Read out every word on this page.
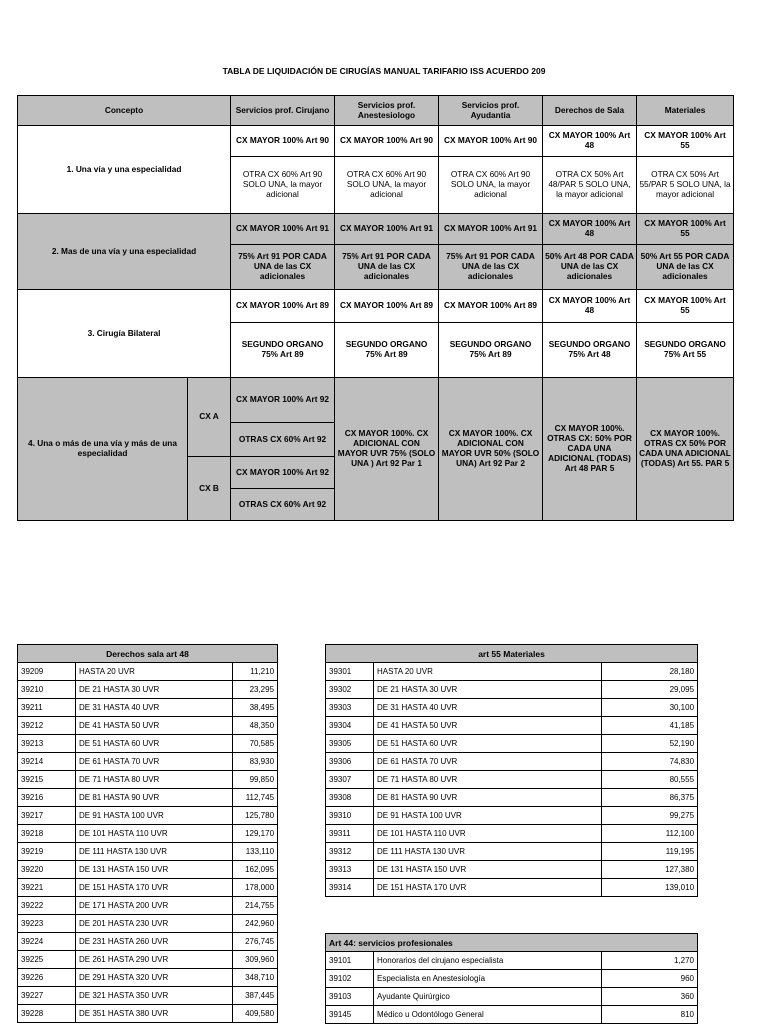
TABLA DE LIQUIDACIÓN DE CIRUGÍAS MANUAL TARIFARIO ISS ACUERDO 209
Concepto		Servicios prof. Cirujano	Servicios prof. Anestesiologo	Servicios prof. Ayudantia	Derechos de Sala	Materiales
1. Una vía y una especialidad		CX MAYOR 100% Art 90	CX MAYOR 100% Art 90	CX MAYOR 100% Art 90	CX MAYOR 100% Art 48	CX MAYOR 100% Art 55
		OTRA CX 60% Art 90 SOLO UNA, la mayor adicional	OTRA CX 60% Art 90 SOLO UNA, la mayor adicional	OTRA CX 60% Art 90 SOLO UNA, la mayor adicional	OTRA CX 50% Art 48/PAR 5 SOLO UNA, la mayor adicional	OTRA CX 50% Art 55/PAR 5 SOLO UNA, la mayor adicional
2. Mas de una vía y una especialidad		CX MAYOR 100% Art 91	CX MAYOR 100% Art 91	CX MAYOR 100% Art 91	CX MAYOR 100% Art 48	CX MAYOR 100% Art 55
		75% Art 91 POR CADA UNA de las CX adicionales	75% Art 91 POR CADA UNA de las CX adicionales	75% Art 91 POR CADA UNA de las CX adicionales	50% Art 48 POR CADA UNA de las CX adicionales	50% Art 55 POR CADA UNA de las CX adicionales
3. Cirugía Bilateral		CX MAYOR 100% Art 89	CX MAYOR 100% Art 89	CX MAYOR 100% Art 89	CX MAYOR 100% Art 48	CX MAYOR 100% Art 55
		SEGUNDO ORGANO 75% Art 89	SEGUNDO ORGANO 75% Art 89	SEGUNDO ORGANO 75% Art 89	SEGUNDO ORGANO 75% Art 48	SEGUNDO ORGANO 75% Art 55
4. Una o más de una vía y más de una especialidad	CX A	CX MAYOR 100% Art 92	CX MAYOR 100%. CX ADICIONAL CON MAYOR UVR 75% (SOLO UNA ) Art 92 Par 1	CX MAYOR 100%. CX ADICIONAL CON MAYOR UVR 50% (SOLO UNA) Art 92 Par 2	CX MAYOR 100%. OTRAS CX: 50% POR CADA UNA ADICIONAL (TODAS) Art 48 PAR 5	CX MAYOR 100%. OTRAS CX 50% POR CADA UNA ADICIONAL (TODAS) Art 55. PAR 5
		OTRAS CX 60% Art 92				
	CX B	CX MAYOR 100% Art 92				
		OTRAS CX 60% Art 92				
Derechos sala art 48		
39209	HASTA 20 UVR	11,210
39210	DE 21 HASTA 30 UVR	23,295
39211	DE 31 HASTA 40 UVR	38,495
39212	DE 41 HASTA 50 UVR	48,350
39213	DE 51 HASTA 60 UVR	70,585
39214	DE 61 HASTA 70 UVR	83,930
39215	DE 71 HASTA 80 UVR	99,850
39216	DE 81 HASTA 90 UVR	112,745
39217	DE 91 HASTA 100 UVR	125,780
39218	DE 101 HASTA 110 UVR	129,170
39219	DE 111 HASTA 130 UVR	133,110
39220	DE 131 HASTA 150 UVR	162,095
39221	DE 151 HASTA 170 UVR	178,000
39222	DE 171 HASTA 200 UVR	214,755
39223	DE 201 HASTA 230 UVR	242,960
39224	DE 231 HASTA 260 UVR	276,745
39225	DE 261 HASTA 290 UVR	309,960
39226	DE 291 HASTA 320 UVR	348,710
39227	DE 321 HASTA 350 UVR	387,445
39228	DE 351 HASTA 380 UVR	409,580
art 55 Materiales		
39301	HASTA 20 UVR	28,180
39302	DE 21 HASTA 30 UVR	29,095
39303	DE 31 HASTA 40 UVR	30,100
39304	DE 41 HASTA 50 UVR	41,185
39305	DE 51 HASTA 60 UVR	52,190
39306	DE 61 HASTA 70 UVR	74,830
39307	DE 71 HASTA 80 UVR	80,555
39308	DE 81 HASTA 90 UVR	86,375
39310	DE 91 HASTA 100 UVR	99,275
39311	DE 101 HASTA 110 UVR	112,100
39312	DE 111 HASTA 130 UVR	119,195
39313	DE 131 HASTA 150 UVR	127,380
39314	DE 151 HASTA 170 UVR	139,010
Art 44: servicios profesionales		
39101	Honorarios del cirujano especialista	1,270
39102	Especialista en Anestesiología	960
39103	Ayudante Quirúrgico	360
39145	Médico u Odontólogo General	810
